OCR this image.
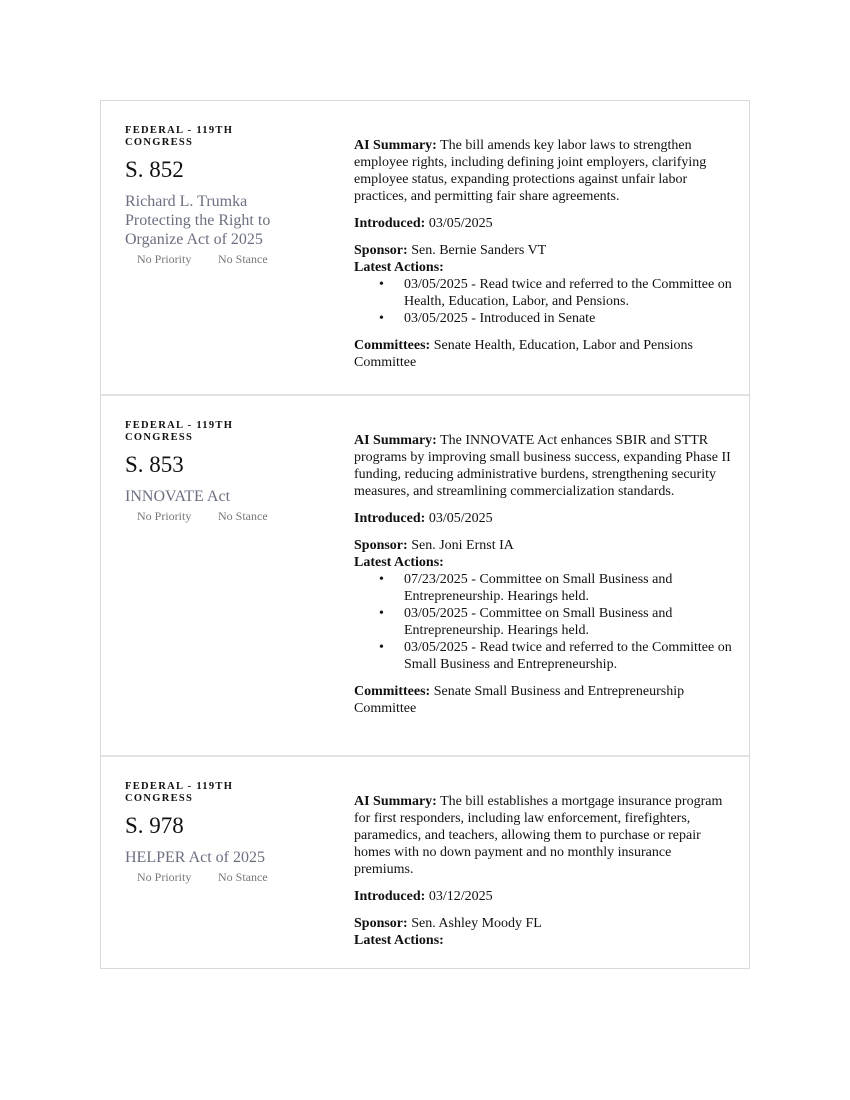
FEDERAL - 119TH CONGRESS
S. 852
Richard L. Trumka Protecting the Right to Organize Act of 2025
No Priority No Stance

AI Summary: The bill amends key labor laws to strengthen employee rights, including defining joint employers, clarifying employee status, expanding protections against unfair labor practices, and permitting fair share agreements.

Introduced: 03/05/2025

Sponsor: Sen. Bernie Sanders VT

Latest Actions:

• 03/05/2025 - Read twice and referred to the Committee on Health, Education, Labor, and Pensions.
• 03/05/2025 - Introduced in Senate

Committees: Senate Health, Education, Labor and Pensions Committee

FEDERAL - 119TH CONGRESS
S. 853
INNOVATE Act
No Priority No Stance

AI Summary: The INNOVATE Act enhances SBIR and STTR programs by improving small business success, expanding Phase II funding, reducing administrative burdens, strengthening security measures, and streamlining commercialization standards.

Introduced: 03/05/2025

Sponsor: Sen. Joni Ernst IA

Latest Actions:

• 07/23/2025 - Committee on Small Business and Entrepreneurship. Hearings held.
• 03/05/2025 - Committee on Small Business and Entrepreneurship. Hearings held.
• 03/05/2025 - Read twice and referred to the Committee on Small Business and Entrepreneurship.

Committees: Senate Small Business and Entrepreneurship Committee

FEDERAL - 119TH CONGRESS
S. 978
HELPER Act of 2025
No Priority No Stance

AI Summary: The bill establishes a mortgage insurance program for first responders, including law enforcement, firefighters, paramedics, and teachers, allowing them to purchase or repair homes with no down payment and no monthly insurance premiums.

Introduced: 03/12/2025

Sponsor: Sen. Ashley Moody FL

Latest Actions:
